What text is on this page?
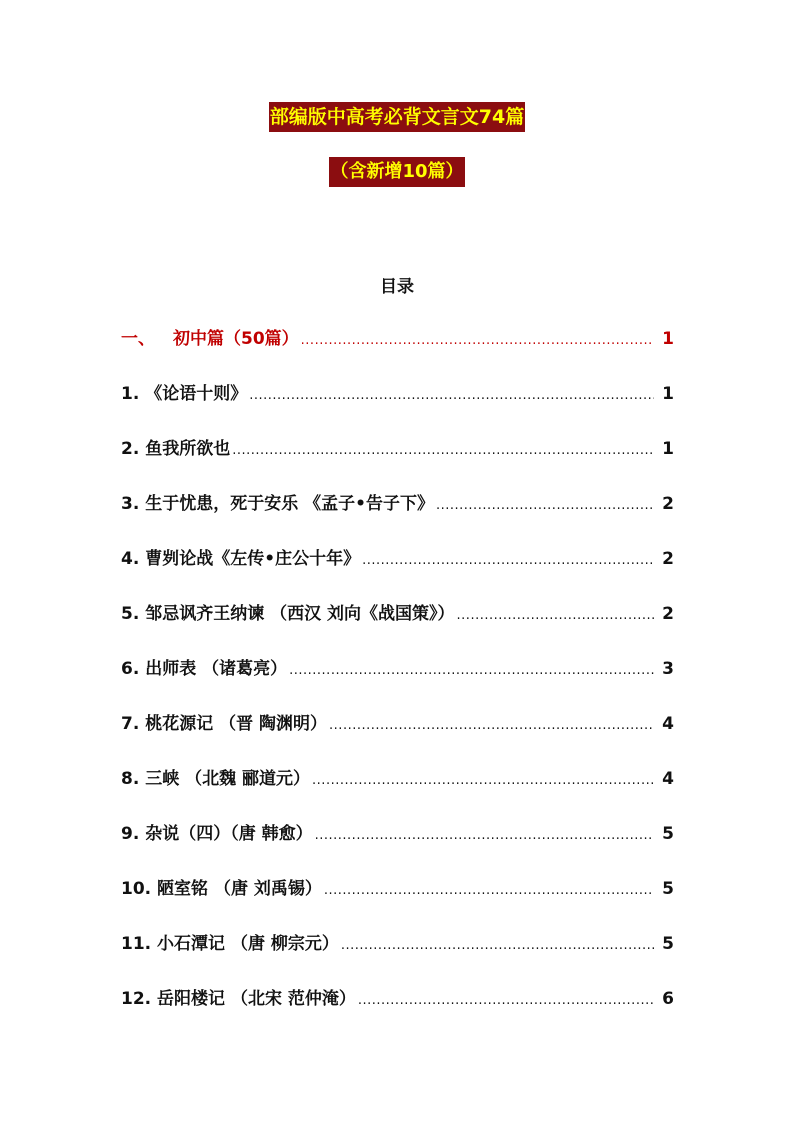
部编版中高考必背文言文74篇
（含新增10篇）
目录
一、 初中篇（50篇） .....	1
1. 《论语十则》 .....	1
2. 鱼我所欲也 .....	1
3. 生于忧患，死于安乐 《孟子•告子下》 .....	2
4. 曹刿论战《左传•庄公十年》 .....	2
5. 邹忌讽齐王纳谏 （西汉 刘向《战国策》） .....	2
6. 出师表 （诸葛亮） .....	3
7. 桃花源记 （晋 陶渊明） .....	4
8. 三峡 （北魏 郦道元） .....	4
9. 杂说（四）（唐 韩愈） .....	5
10. 陋室铭 （唐 刘禹锡） .....	5
11. 小石潭记 （唐 柳宗元） .....	5
12. 岳阳楼记 （北宋 范仲淹） .....	6
